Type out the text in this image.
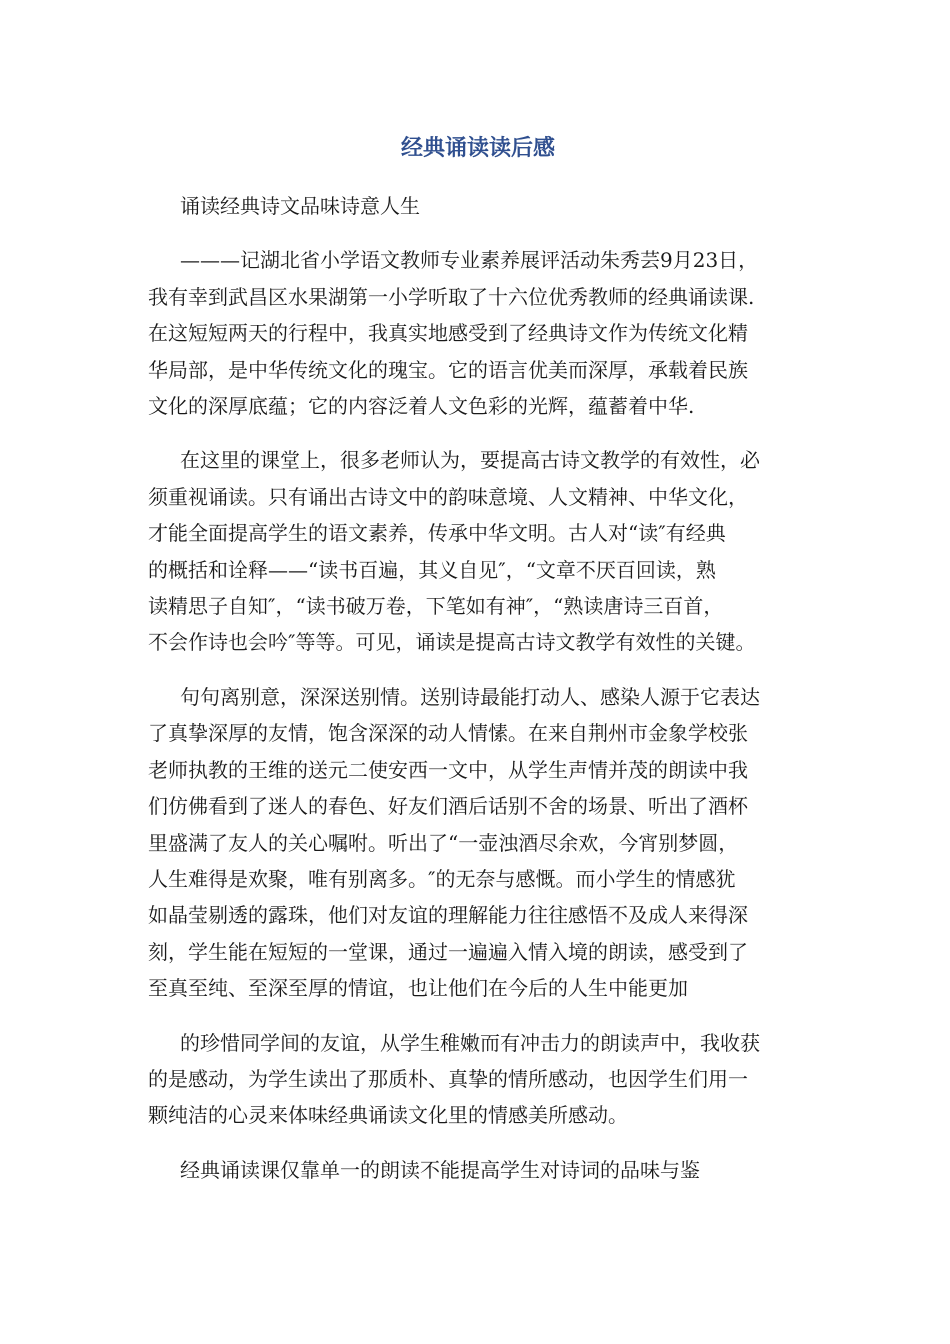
经典诵读读后感

诵读经典诗文品味诗意人生

———记湖北省小学语文教师专业素养展评活动朱秀芸9月23日，
我有幸到武昌区水果湖第一小学听取了十六位优秀教师的经典诵读课.
在这短短两天的行程中，我真实地感受到了经典诗文作为传统文化精
华局部，是中华传统文化的瑰宝。它的语言优美而深厚，承载着民族
文化的深厚底蕴；它的内容泛着人文色彩的光辉，蕴蓄着中华.

在这里的课堂上，很多老师认为，要提高古诗文教学的有效性，必
须重视诵读。只有诵出古诗文中的韵味意境、人文精神、中华文化，
才能全面提高学生的语文素养，传承中华文明。古人对“读″有经典
的概括和诠释——“读书百遍，其义自见″，“文章不厌百回读，熟
读精思子自知″，“读书破万卷，下笔如有神″，“熟读唐诗三百首，
不会作诗也会吟″等等。可见，诵读是提高古诗文教学有效性的关键。

句句离别意，深深送别情。送别诗最能打动人、感染人源于它表达
了真挚深厚的友情，饱含深深的动人情愫。在来自荆州市金象学校张
老师执教的王维的送元二使安西一文中，从学生声情并茂的朗读中我
们仿佛看到了迷人的春色、好友们酒后话别不舍的场景、听出了酒杯
里盛满了友人的关心嘱咐。听出了“一壶浊酒尽余欢，今宵别梦圆，
人生难得是欢聚，唯有别离多。″的无奈与感慨。而小学生的情感犹
如晶莹剔透的露珠，他们对友谊的理解能力往往感悟不及成人来得深
刻，学生能在短短的一堂课，通过一遍遍入情入境的朗读，感受到了
至真至纯、至深至厚的情谊，也让他们在今后的人生中能更加

的珍惜同学间的友谊，从学生稚嫩而有冲击力的朗读声中，我收获
的是感动，为学生读出了那质朴、真挚的情所感动，也因学生们用一
颗纯洁的心灵来体味经典诵读文化里的情感美所感动。

经典诵读课仅靠单一的朗读不能提高学生对诗词的品味与鉴
